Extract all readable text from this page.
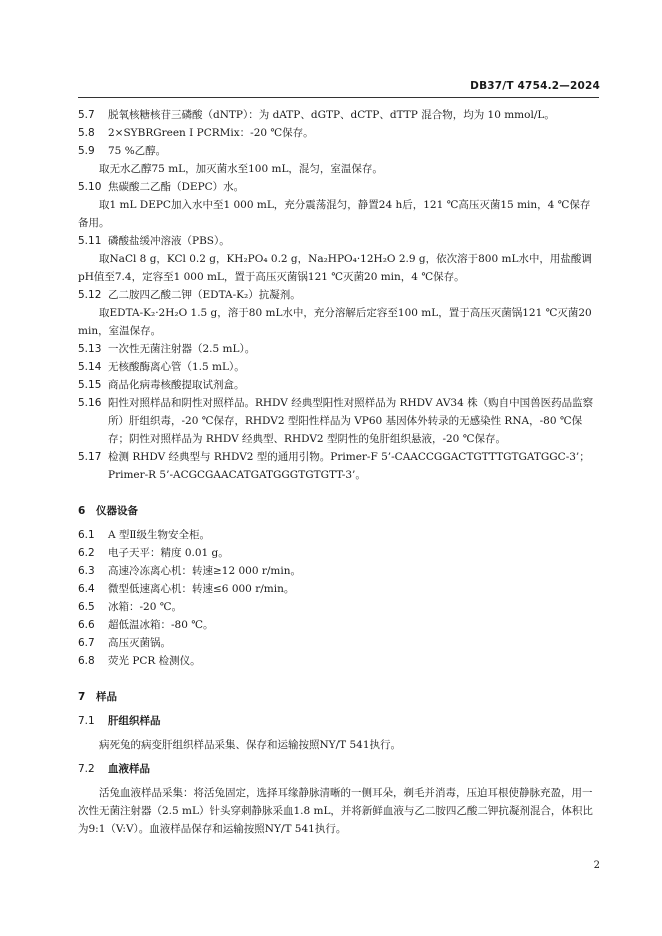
DB37/T 4754.2—2024
5.7	脱氧核糖核苷三磷酸（dNTP）：为 dATP、dGTP、dCTP、dTTP 混合物，均为 10 mmol/L。
5.8	2×SYBRGreen Ⅰ PCRMix：-20 ℃保存。
5.9	75 %乙醇。

取无水乙醇75 mL，加灭菌水至100 mL，混匀，室温保存。

5.10 焦碳酸二乙酯（DEPC）水。

取1 mL DEPC加入水中至1 000 mL，充分震荡混匀，静置24 h后，121 ℃高压灭菌15 min，4 ℃保存备用。

5.11 磷酸盐缓冲溶液（PBS）。

取NaCl 8 g，KCl 0.2 g，KH₂PO₄ 0.2 g，Na₂HPO₄·12H₂O 2.9 g，依次溶于800 mL水中，用盐酸调pH值至7.4，定容至1 000 mL，置于高压灭菌锅121 ℃灭菌20 min，4 ℃保存。

5.12 乙二胺四乙酸二钾（EDTA-K₂）抗凝剂。

取EDTA-K₂·2H₂O 1.5 g，溶于80 mL水中，充分溶解后定容至100 mL，置于高压灭菌锅121 ℃灭菌20 min，室温保存。

5.13 一次性无菌注射器（2.5 mL）。
5.14 无核酸酶离心管（1.5 mL）。
5.15 商品化病毒核酸提取试剂盒。
5.16 阳性对照样品和阴性对照样品。RHDV 经典型阳性对照样品为 RHDV AV34 株（购自中国兽医药品监察所）肝组织毒，-20 ℃保存，RHDV2 型阳性样品为 VP60 基因体外转录的无感染性 RNA，-80 ℃保存；阴性对照样品为 RHDV 经典型、RHDV2 型阴性的兔肝组织悬液，-20 ℃保存。
5.17 检测 RHDV 经典型与 RHDV2 型的通用引物。Primer-F 5’-CAACCGGACTGTTTGTGATGGC-3’；Primer-R 5’-ACGCGAACATGATGGGTGTGTT-3’。
6	仪器设备
6.1	A 型Ⅱ级生物安全柜。
6.2	电子天平：精度 0.01 g。
6.3	高速冷冻离心机：转速≥12 000 r/min。
6.4	微型低速离心机：转速≤6 000 r/min。
6.5	冰箱：-20 ℃。
6.6	超低温冰箱：-80 ℃。
6.7	高压灭菌锅。
6.8	荧光 PCR 检测仪。
7	样品
7.1	肝组织样品

病死兔的病变肝组织样品采集、保存和运输按照NY/T 541执行。

7.2	血液样品

活兔血液样品采集：将活兔固定，选择耳缘静脉清晰的一侧耳朵，剃毛并消毒，压迫耳根使静脉充盈，用一次性无菌注射器（2.5 mL）针头穿刺静脉采血1.8 mL，并将新鲜血液与乙二胺四乙酸二钾抗凝剂混合，体积比为9:1（V:V）。血液样品保存和运输按照NY/T 541执行。

2
